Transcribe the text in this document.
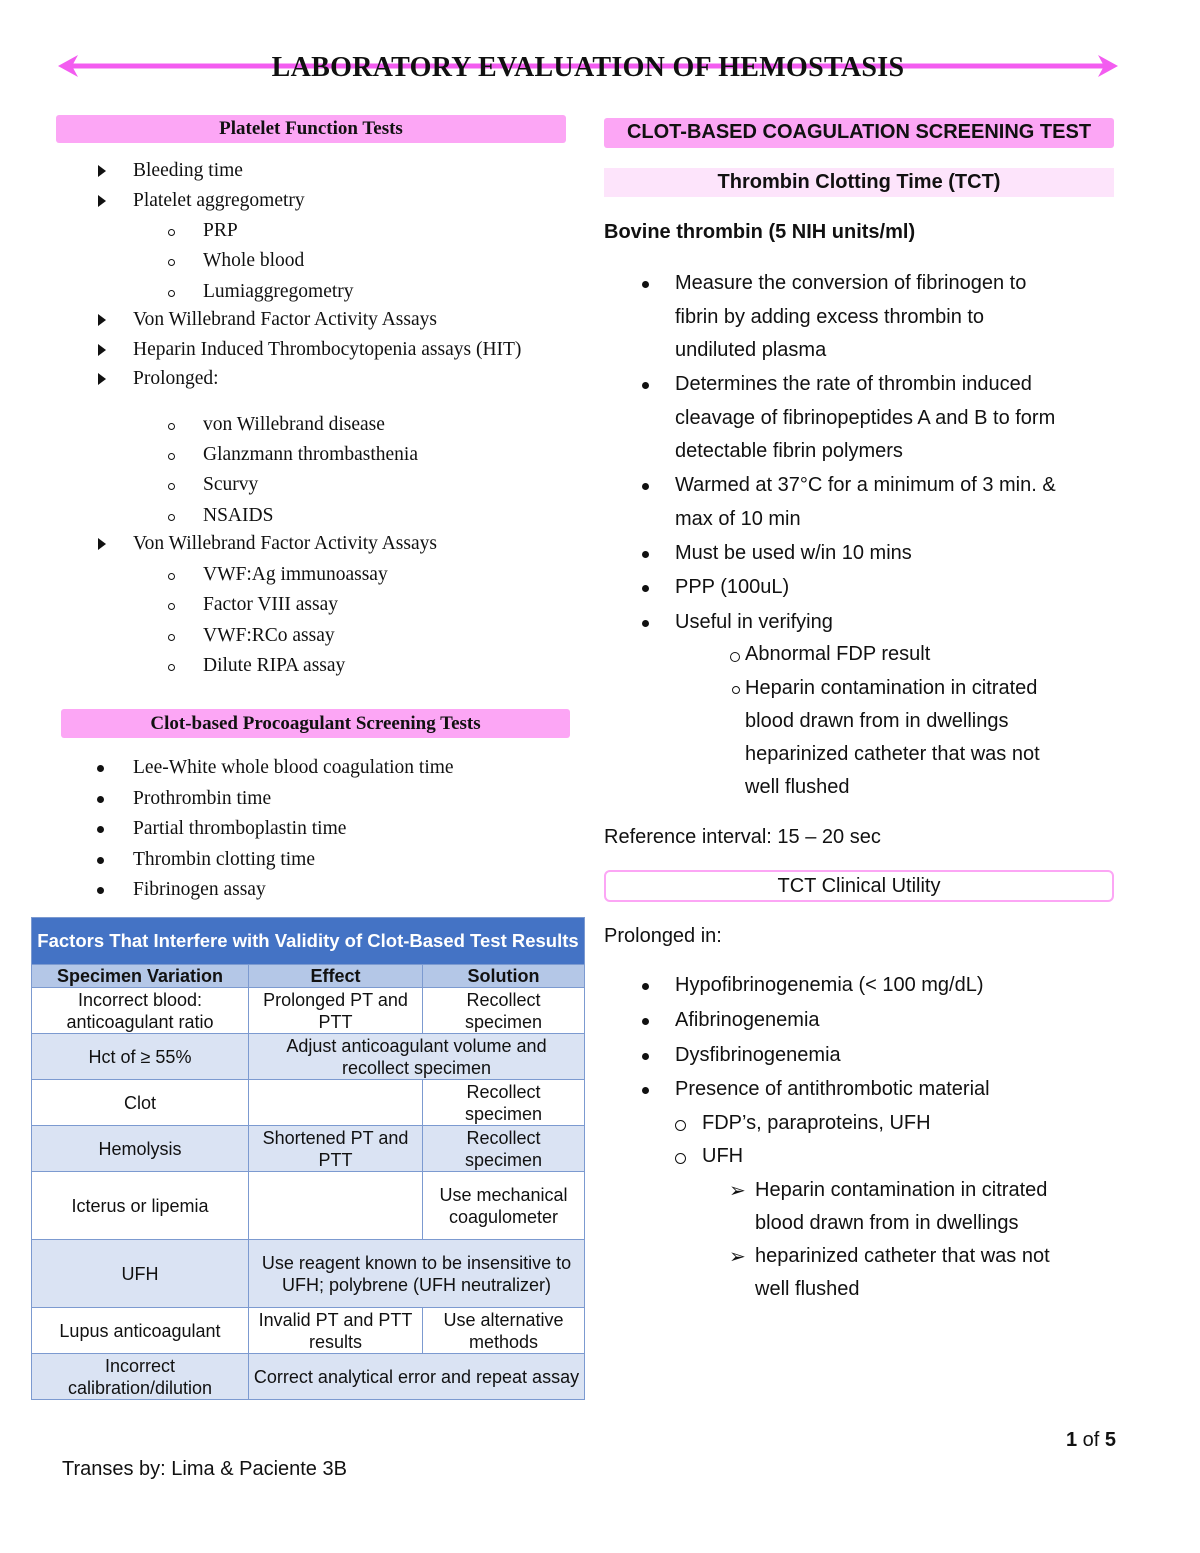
LABORATORY EVALUATION OF HEMOSTASIS
Platelet Function Tests
Bleeding time
Platelet aggregometry
PRP
Whole blood
Lumiaggregometry
Von Willebrand Factor Activity Assays
Heparin Induced Thrombocytopenia assays (HIT)
Prolonged:
von Willebrand disease
Glanzmann thrombasthenia
Scurvy
NSAIDS
Von Willebrand Factor Activity Assays
VWF:Ag immunoassay
Factor VIII assay
VWF:RCo assay
Dilute RIPA assay
Clot-based Procoagulant Screening Tests
Lee-White whole blood coagulation time
Prothrombin time
Partial thromboplastin time
Thrombin clotting time
Fibrinogen assay
Factors That Interfere with Validity of Clot-Based Test Results		
Specimen Variation	Effect	Solution
Incorrect blood: anticoagulant ratio	Prolonged PT and PTT	Recollect specimen
Hct of ≥ 55%	Adjust anticoagulant volume and recollect specimen	
Clot		Recollect specimen
Hemolysis	Shortened PT and PTT	Recollect specimen
Icterus or lipemia		Use mechanical coagulometer
UFH	Use reagent known to be insensitive to UFH; polybrene (UFH neutralizer)	
Lupus anticoagulant	Invalid PT and PTT results	Use alternative methods
Incorrect calibration/dilution	Correct analytical error and repeat assay	
CLOT-BASED COAGULATION SCREENING TEST
Thrombin Clotting Time (TCT)
Bovine thrombin (5 NIH units/ml)
Measure the conversion of fibrinogen to
fibrin by adding excess thrombin to
undiluted plasma
Determines the rate of thrombin induced
cleavage of fibrinopeptides A and B to form
detectable fibrin polymers
Warmed at 37°C for a minimum of 3 min. &
max of 10 min
Must be used w/in 10 mins
PPP (100uL)
Useful in verifying
Abnormal FDP result
Heparin contamination in citrated
blood drawn from in dwellings
heparinized catheter that was not
well flushed
Reference interval: 15 – 20 sec
TCT Clinical Utility
Prolonged in:
Hypofibrinogenemia (< 100 mg/dL)
Afibrinogenemia
Dysfibrinogenemia
Presence of antithrombotic material
FDP’s, paraproteins, UFH
UFH
➢ Heparin contamination in citrated
blood drawn from in dwellings
➢ heparinized catheter that was not
well flushed
1 of 5
Transes by: Lima & Paciente 3B
